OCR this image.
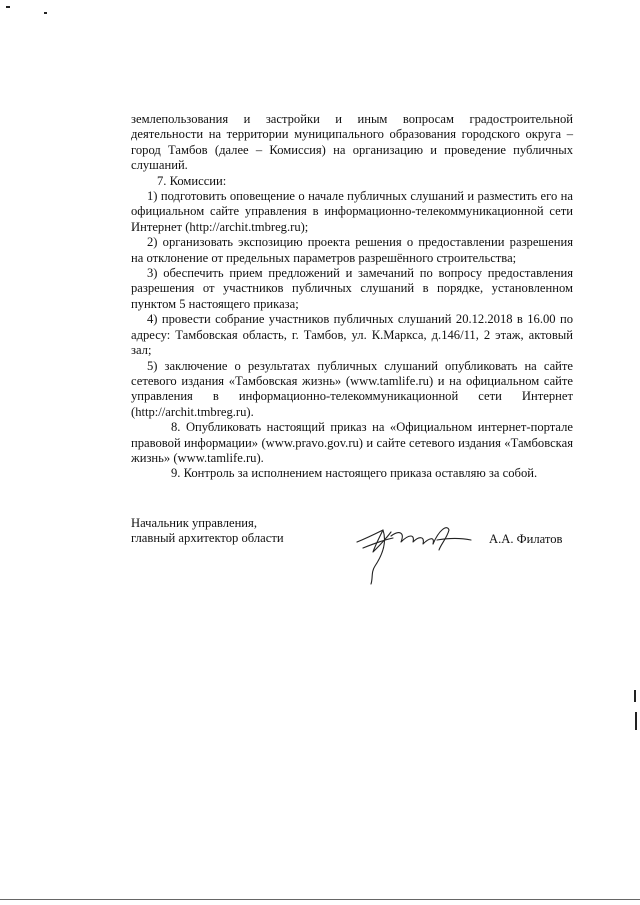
землепользования и застройки и иным вопросам градостроительной деятельности на территории муниципального образования городского округа – город Тамбов (далее – Комиссия) на организацию и проведение публичных слушаний.

7. Комиссии:

1) подготовить оповещение о начале публичных слушаний и разместить его на официальном сайте управления в информационно-телекоммуникационной сети Интернет (http://archit.tmbreg.ru);

2) организовать экспозицию проекта решения о предоставлении разрешения на отклонение от предельных параметров разрешённого строительства;

3) обеспечить прием предложений и замечаний по вопросу предоставления разрешения от участников публичных слушаний в порядке, установленном пунктом 5 настоящего приказа;

4) провести собрание участников публичных слушаний 20.12.2018 в 16.00 по адресу: Тамбовская область, г. Тамбов, ул. К.Маркса, д.146/11, 2 этаж, актовый зал;

5) заключение о результатах публичных слушаний опубликовать на сайте сетевого издания «Тамбовская жизнь» (www.tamlife.ru) и на официальном сайте управления в информационно-телекоммуникационной сети Интернет (http://archit.tmbreg.ru).

8. Опубликовать настоящий приказ на «Официальном интернет-портале правовой информации» (www.pravo.gov.ru) и сайте сетевого издания «Тамбовская жизнь» (www.tamlife.ru).

9. Контроль за исполнением настоящего приказа оставляю за собой.

Начальник управления,

главный архитектор области	А.А. Филатов
